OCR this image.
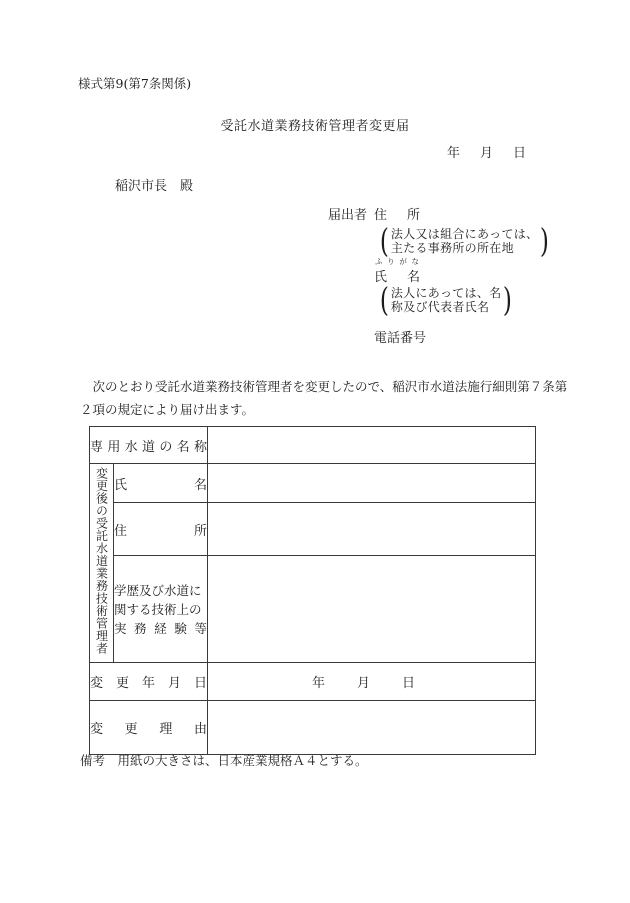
様式第9(第7条関係)
受託水道業務技術管理者変更届
年 月 日
稲沢市長　殿
届出者 住 所
( 法人又は組合にあっては、
主たる事務所の所在地 )
ふ り が な
氏 名
( 法人にあっては、名
称及び代表者氏名 )
電話番号
次のとおり受託水道業務技術管理者を変更したので、稲沢市水道法施行細則第７条第
２項の規定により届け出ます。
専 用 水 道 の 名 称

変更後の受託水道業務技術管理者	氏 名	

	住 所	

学歴及び水道に
関する技術上の
実 務 経 験 等

変 更 年 月 日		年 月 日

変 更 理 由		

備考　用紙の大きさは、日本産業規格Ａ４とする。
